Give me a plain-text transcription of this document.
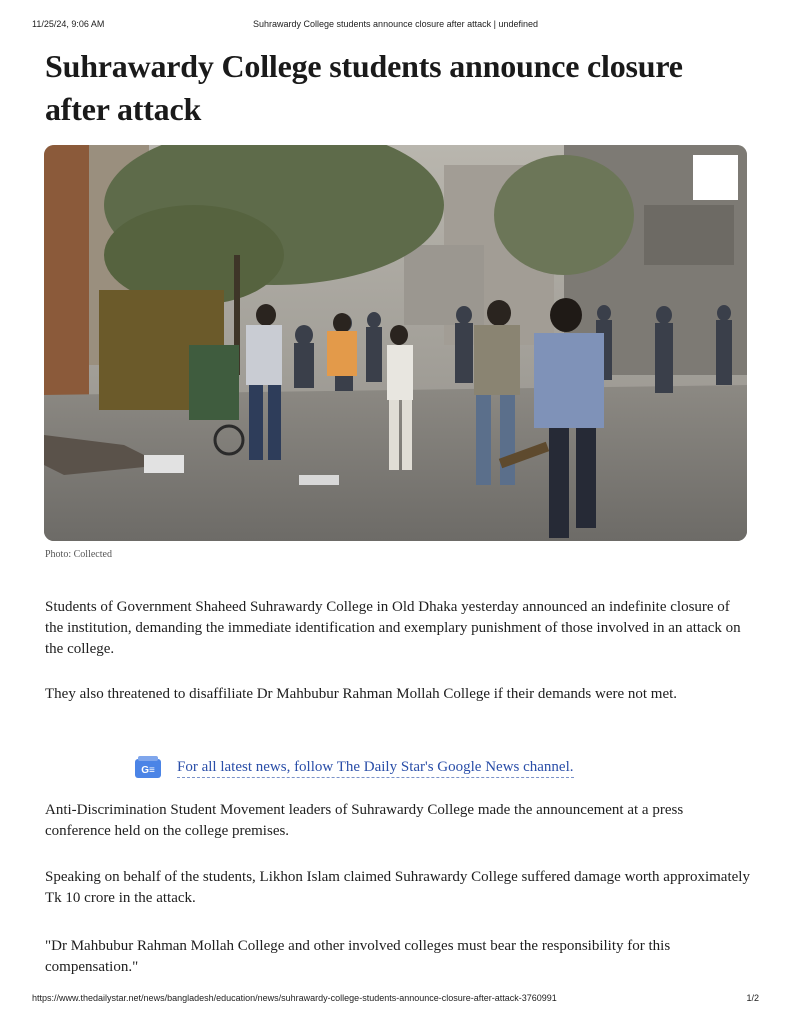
11/25/24, 9:06 AM	Suhrawardy College students announce closure after attack | undefined
Suhrawardy College students announce closure after attack
Photo: Collected

Students of Government Shaheed Suhrawardy College in Old Dhaka yesterday announced an indefinite closure of the institution, demanding the immediate identification and exemplary punishment of those involved in an attack on the college.

They also threatened to disaffiliate Dr Mahbubur Rahman Mollah College if their demands were not met.

G≡ For all latest news, follow The Daily Star's Google News channel.

Anti-Discrimination Student Movement leaders of Suhrawardy College made the announcement at a press conference held on the college premises.

Speaking on behalf of the students, Likhon Islam claimed Suhrawardy College suffered damage worth approximately Tk 10 crore in the attack.

"Dr Mahbubur Rahman Mollah College and other involved colleges must bear the responsibility for this compensation."

https://www.thedailystar.net/news/bangladesh/education/news/suhrawardy-college-students-announce-closure-after-attack-3760991	1/2
